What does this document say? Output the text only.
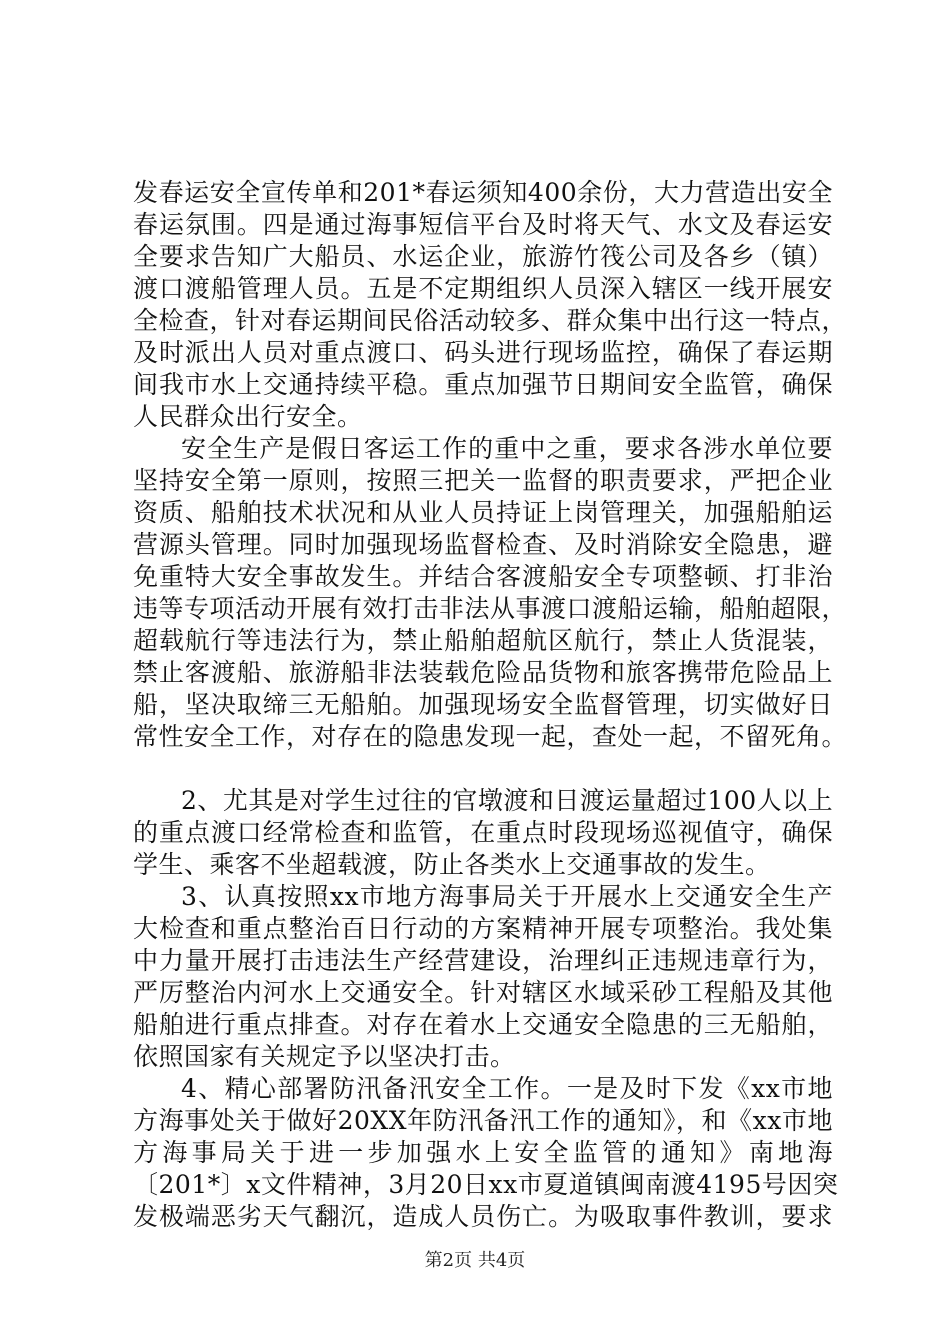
发春运安全宣传单和201*春运须知400余份，大力营造出安全
春运氛围。四是通过海事短信平台及时将天气、水文及春运安
全要求告知广大船员、水运企业，旅游竹筏公司及各乡（镇）
渡口渡船管理人员。五是不定期组织人员深入辖区一线开展安
全检查，针对春运期间民俗活动较多、群众集中出行这一特点，
及时派出人员对重点渡口、码头进行现场监控，确保了春运期
间我市水上交通持续平稳。重点加强节日期间安全监管，确保
人民群众出行安全。
安全生产是假日客运工作的重中之重，要求各涉水单位要
坚持安全第一原则，按照三把关一监督的职责要求，严把企业
资质、船舶技术状况和从业人员持证上岗管理关，加强船舶运
营源头管理。同时加强现场监督检查、及时消除安全隐患，避
免重特大安全事故发生。并结合客渡船安全专项整顿、打非治
违等专项活动开展有效打击非法从事渡口渡船运输，船舶超限，
超载航行等违法行为，禁止船舶超航区航行，禁止人货混装，
禁止客渡船、旅游船非法装载危险品货物和旅客携带危险品上
船，坚决取缔三无船舶。加强现场安全监督管理，切实做好日
常性安全工作，对存在的隐患发现一起，查处一起，不留死角。
2、尤其是对学生过往的官墩渡和日渡运量超过100人以上
的重点渡口经常检查和监管，在重点时段现场巡视值守，确保
学生、乘客不坐超载渡，防止各类水上交通事故的发生。
3、认真按照xx市地方海事局关于开展水上交通安全生产
大检查和重点整治百日行动的方案精神开展专项整治。我处集
中力量开展打击违法生产经营建设，治理纠正违规违章行为，
严厉整治内河水上交通安全。针对辖区水域采砂工程船及其他
船舶进行重点排查。对存在着水上交通安全隐患的三无船舶，
依照国家有关规定予以坚决打击。
4、精心部署防汛备汛安全工作。一是及时下发《xx市地
方海事处关于做好20XX年防汛备汛工作的通知》，和《xx市地
方海事局关于进一步加强水上安全监管的通知》南地海
〔201*〕x文件精神，3月20日xx市夏道镇闽南渡4195号因突
发极端恶劣天气翻沉，造成人员伤亡。为吸取事件教训，要求
第2页 共4页
